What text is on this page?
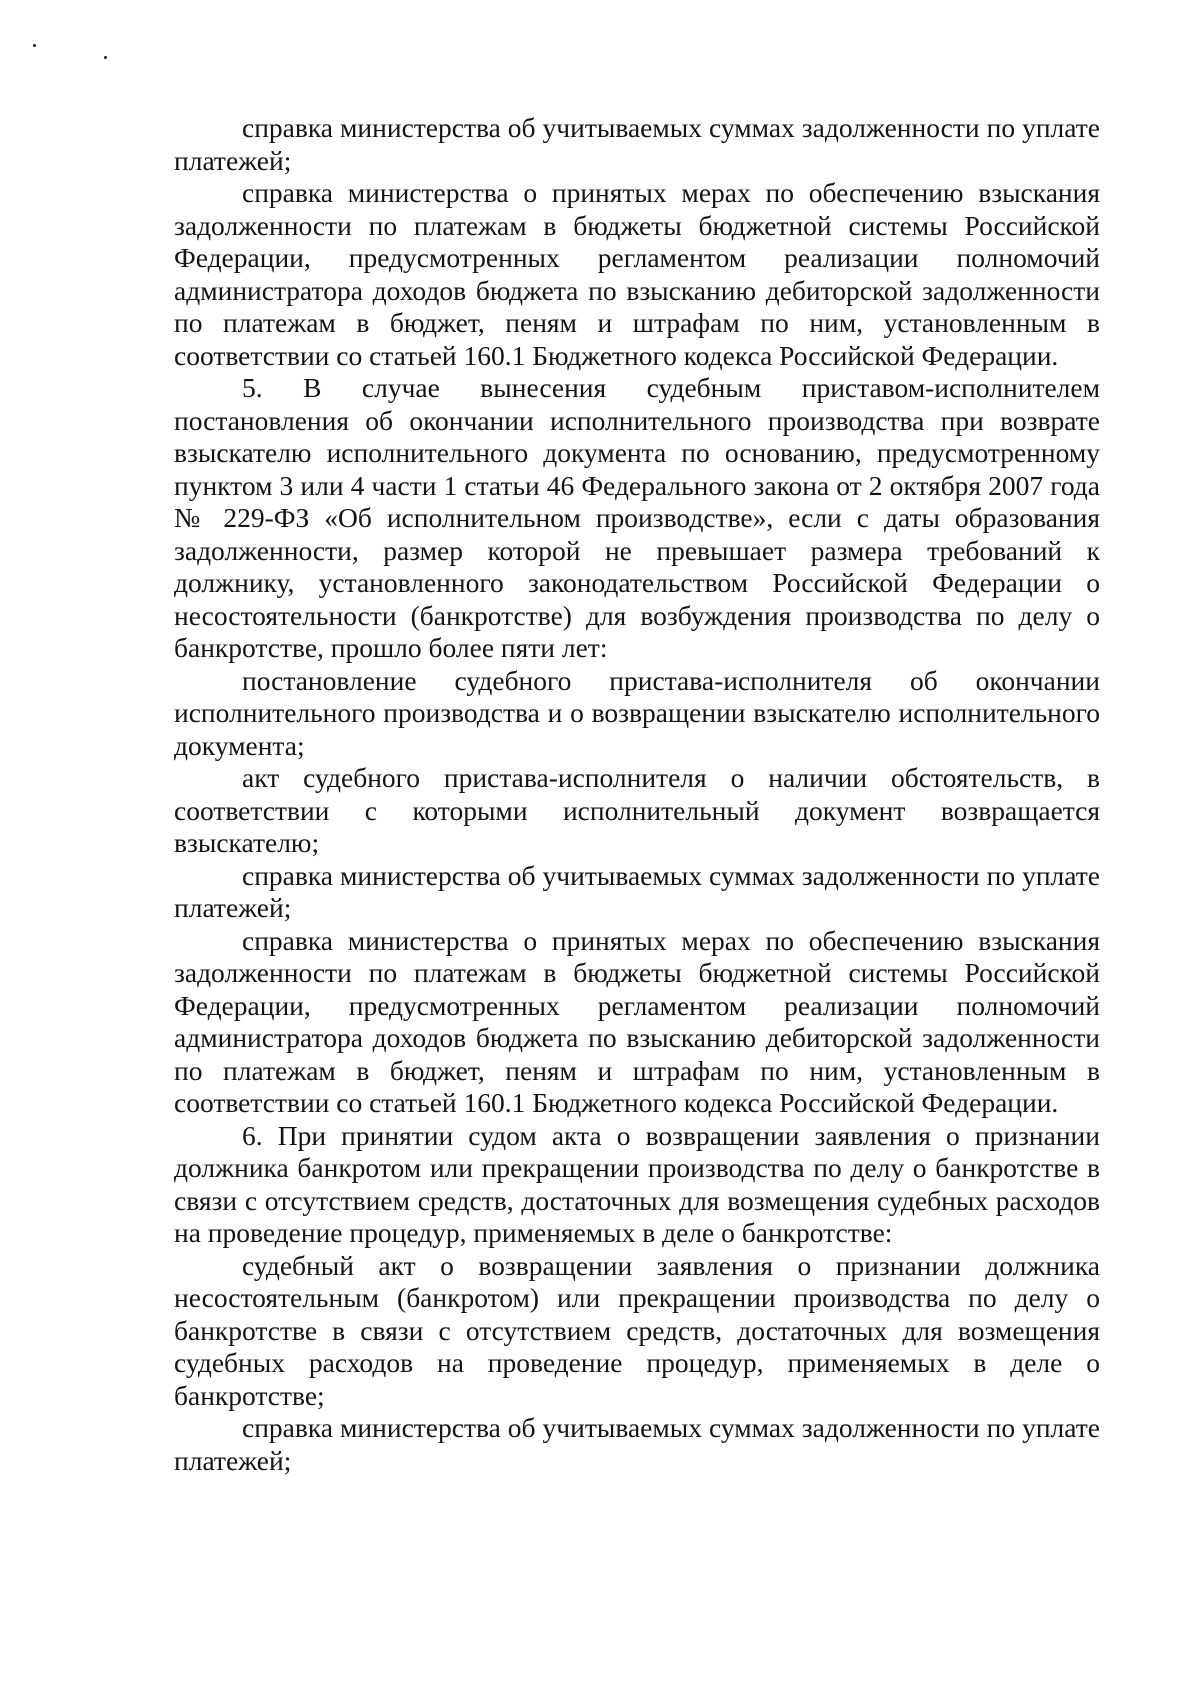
справка министерства об учитываемых суммах задолженности по уплате платежей;

справка министерства о принятых мерах по обеспечению взыскания задолженности по платежам в бюджеты бюджетной системы Российской Федерации, предусмотренных регламентом реализации полномочий администратора доходов бюджета по взысканию дебиторской задолженности по платежам в бюджет, пеням и штрафам по ним, установленным в соответствии со статьей 160.1 Бюджетного кодекса Российской Федерации.

5. В случае вынесения судебным приставом-исполнителем постановления об окончании исполнительного производства при возврате взыскателю исполнительного документа по основанию, предусмотренному пунктом 3 или 4 части 1 статьи 46 Федерального закона от 2 октября 2007 года № 229-ФЗ «Об исполнительном производстве», если с даты образования задолженности, размер которой не превышает размера требований к должнику, установленного законодательством Российской Федерации о несостоятельности (банкротстве) для возбуждения производства по делу о банкротстве, прошло более пяти лет:

постановление судебного пристава-исполнителя об окончании исполнительного производства и о возвращении взыскателю исполнительного документа;

акт судебного пристава-исполнителя о наличии обстоятельств, в соответствии с которыми исполнительный документ возвращается взыскателю;

справка министерства об учитываемых суммах задолженности по уплате платежей;

справка министерства о принятых мерах по обеспечению взыскания задолженности по платежам в бюджеты бюджетной системы Российской Федерации, предусмотренных регламентом реализации полномочий администратора доходов бюджета по взысканию дебиторской задолженности по платежам в бюджет, пеням и штрафам по ним, установленным в соответствии со статьей 160.1 Бюджетного кодекса Российской Федерации.

6. При принятии судом акта о возвращении заявления о признании должника банкротом или прекращении производства по делу о банкротстве в связи с отсутствием средств, достаточных для возмещения судебных расходов на проведение процедур, применяемых в деле о банкротстве:

судебный акт о возвращении заявления о признании должника несостоятельным (банкротом) или прекращении производства по делу о банкротстве в связи с отсутствием средств, достаточных для возмещения судебных расходов на проведение процедур, применяемых в деле о банкротстве;

справка министерства об учитываемых суммах задолженности по уплате платежей;
